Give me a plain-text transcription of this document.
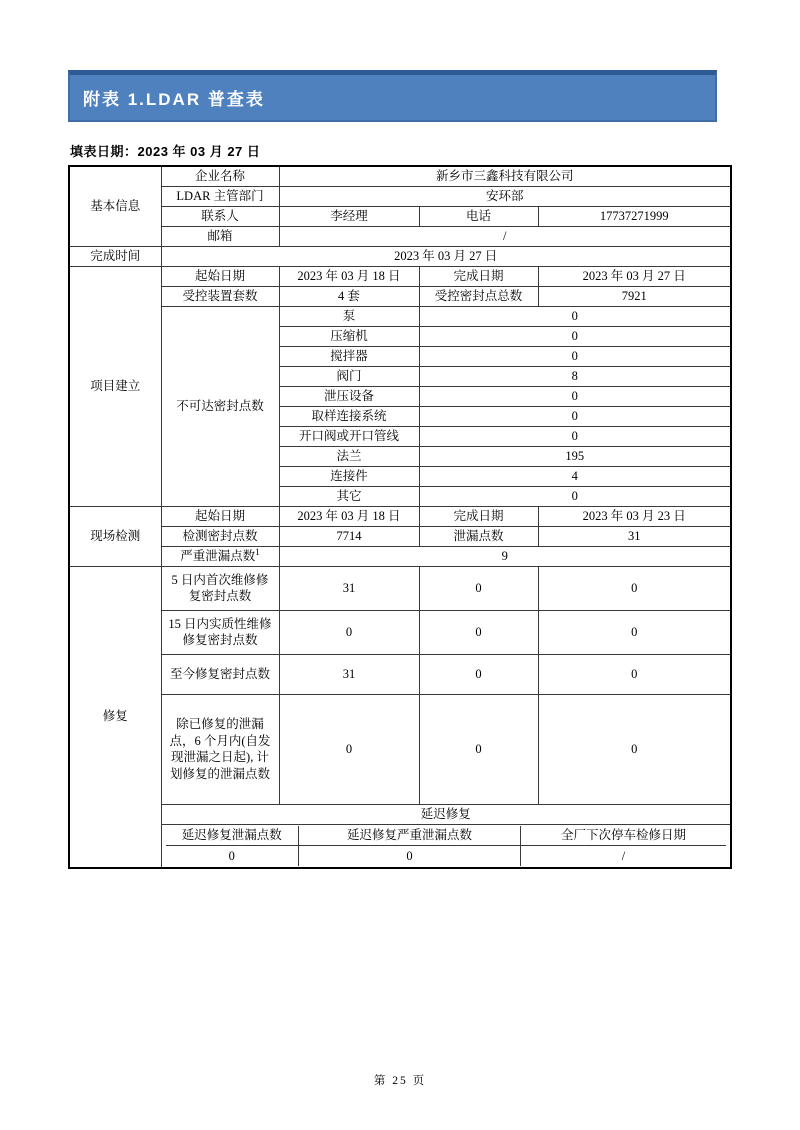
附表 1.LDAR 普查表
填表日期：2023 年 03 月 27 日
基本信息	企业名称	新乡市三鑫科技有限公司
LDAR 主管部门	安环部
联系人	李经理	电话	17737271999
邮箱	/
完成时间	2023 年 03 月 27 日
项目建立	起始日期	2023 年 03 月 18 日	完成日期	2023 年 03 月 27 日
受控装置套数	4 套	受控密封点总数	7921
不可达密封点数	泵	0
压缩机	0
搅拌器	0
阀门	8
泄压设备	0
取样连接系统	0
开口阀或开口管线	0
法兰	195
连接件	4
其它	0
现场检测	起始日期	2023 年 03 月 18 日	完成日期	2023 年 03 月 23 日
检测密封点数	7714	泄漏点数	31
严重泄漏点数$^1$	9
修复	5 日内首次维修修复密封点数	31	0	0
15 日内实质性维修修复密封点数	0	0	0
至今修复密封点数	31	0	0
除已修复的泄漏点，6 个月内(自发现泄漏之日起), 计划修复的泄漏点数	0	0	0
延迟修复

延迟修复泄漏点数	延迟修复严重泄漏点数	全厂下次停车检修日期
0	0	/
第 25 页
